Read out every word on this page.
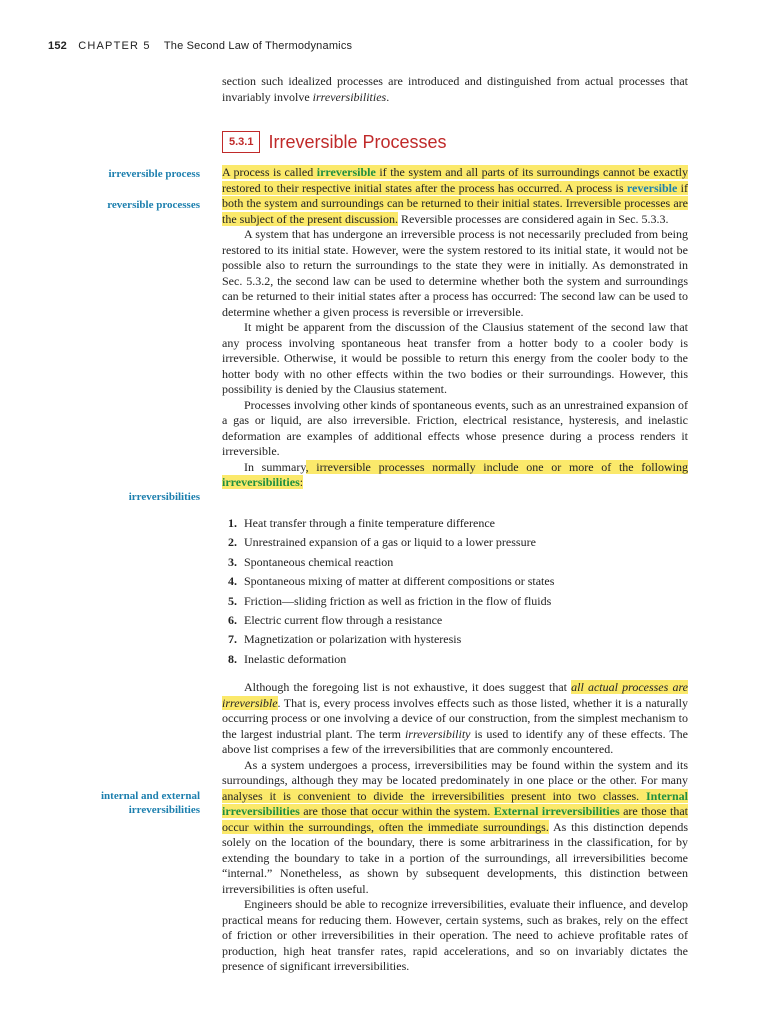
152 CHAPTER 5 The Second Law of Thermodynamics

section such idealized processes are introduced and distinguished from actual processes that invariably involve irreversibilities.

5.3.1 Irreversible Processes
irreversible process
reversible processes
irreversibilities
internal and external
irreversibilities

A process is called irreversible if the system and all parts of its surroundings cannot be exactly restored to their respective initial states after the process has occurred. A process is reversible if both the system and surroundings can be returned to their initial states. Irreversible processes are the subject of the present discussion. Reversible processes are considered again in Sec. 5.3.3.

A system that has undergone an irreversible process is not necessarily precluded from being restored to its initial state. However, were the system restored to its initial state, it would not be possible also to return the surroundings to the state they were in initially. As demonstrated in Sec. 5.3.2, the second law can be used to determine whether both the system and surroundings can be returned to their initial states after a process has occurred: The second law can be used to determine whether a given process is reversible or irreversible.

It might be apparent from the discussion of the Clausius statement of the second law that any process involving spontaneous heat transfer from a hotter body to a cooler body is irreversible. Otherwise, it would be possible to return this energy from the cooler body to the hotter body with no other effects within the two bodies or their surroundings. However, this possibility is denied by the Clausius statement.

Processes involving other kinds of spontaneous events, such as an unrestrained expansion of a gas or liquid, are also irreversible. Friction, electrical resistance, hysteresis, and inelastic deformation are examples of additional effects whose presence during a process renders it irreversible.

In summary, irreversible processes normally include one or more of the following irreversibilities:

1. Heat transfer through a finite temperature difference
2. Unrestrained expansion of a gas or liquid to a lower pressure
3. Spontaneous chemical reaction
4. Spontaneous mixing of matter at different compositions or states
5. Friction—sliding friction as well as friction in the flow of fluids
6. Electric current flow through a resistance
7. Magnetization or polarization with hysteresis
8. Inelastic deformation

Although the foregoing list is not exhaustive, it does suggest that all actual processes are irreversible. That is, every process involves effects such as those listed, whether it is a naturally occurring process or one involving a device of our construction, from the simplest mechanism to the largest industrial plant. The term irreversibility is used to identify any of these effects. The above list comprises a few of the irreversibilities that are commonly encountered.

As a system undergoes a process, irreversibilities may be found within the system and its surroundings, although they may be located predominately in one place or the other. For many analyses it is convenient to divide the irreversibilities present into two classes. Internal irreversibilities are those that occur within the system. External irreversibilities are those that occur within the surroundings, often the immediate surroundings. As this distinction depends solely on the location of the boundary, there is some arbitrariness in the classification, for by extending the boundary to take in a portion of the surroundings, all irreversibilities become “internal.” Nonetheless, as shown by subsequent developments, this distinction between irreversibilities is often useful.

Engineers should be able to recognize irreversibilities, evaluate their influence, and develop practical means for reducing them. However, certain systems, such as brakes, rely on the effect of friction or other irreversibilities in their operation. The need to achieve profitable rates of production, high heat transfer rates, rapid accelerations, and so on invariably dictates the presence of significant irreversibilities.
